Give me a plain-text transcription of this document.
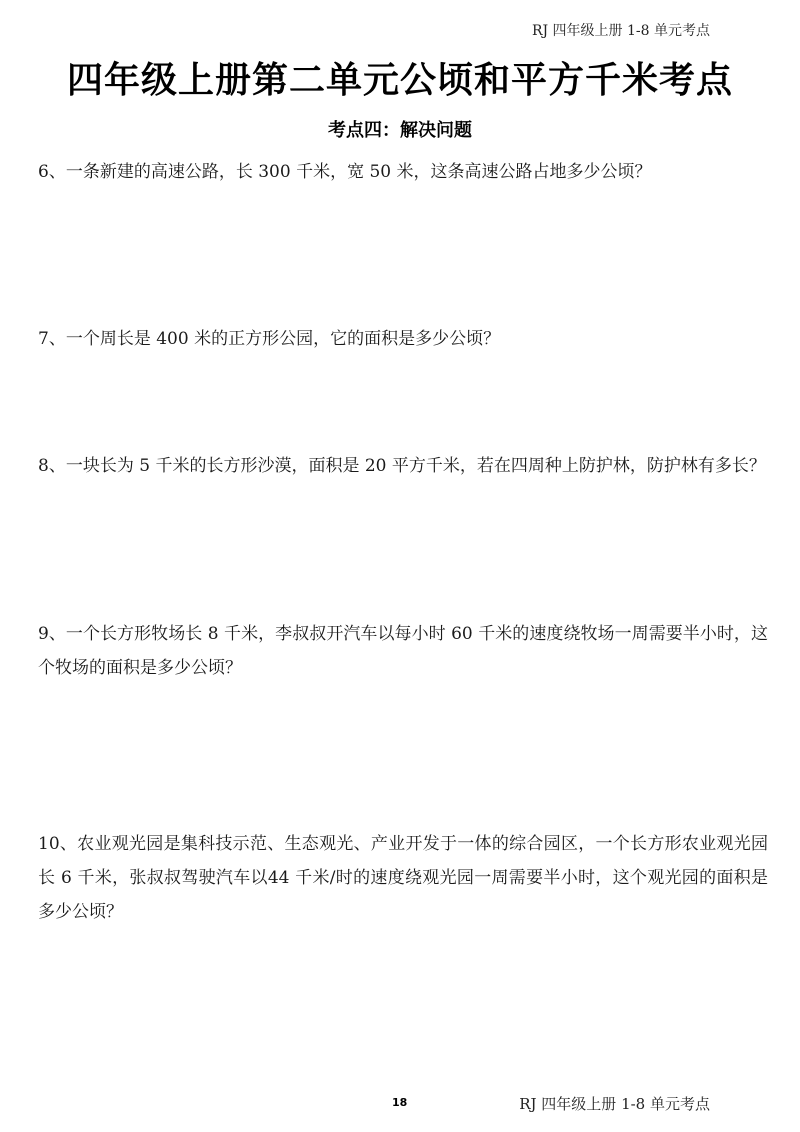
RJ 四年级上册 1-8 单元考点
四年级上册第二单元公顷和平方千米考点
考点四：解决问题
6、一条新建的高速公路，长 300 千米，宽 50 米，这条高速公路占地多少公顷？
7、一个周长是 400 米的正方形公园，它的面积是多少公顷？
8、一块长为 5 千米的长方形沙漠，面积是 20 平方千米，若在四周种上防护林，防护林有多长？
9、一个长方形牧场长 8 千米，李叔叔开汽车以每小时 60 千米的速度绕牧场一周需要半小时，这个牧场的面积是多少公顷？
10、农业观光园是集科技示范、生态观光、产业开发于一体的综合园区，一个长方形农业观光园长 6 千米，张叔叔驾驶汽车以44 千米/时的速度绕观光园一周需要半小时，这个观光园的面积是多少公顷？
18	RJ 四年级上册 1-8 单元考点
